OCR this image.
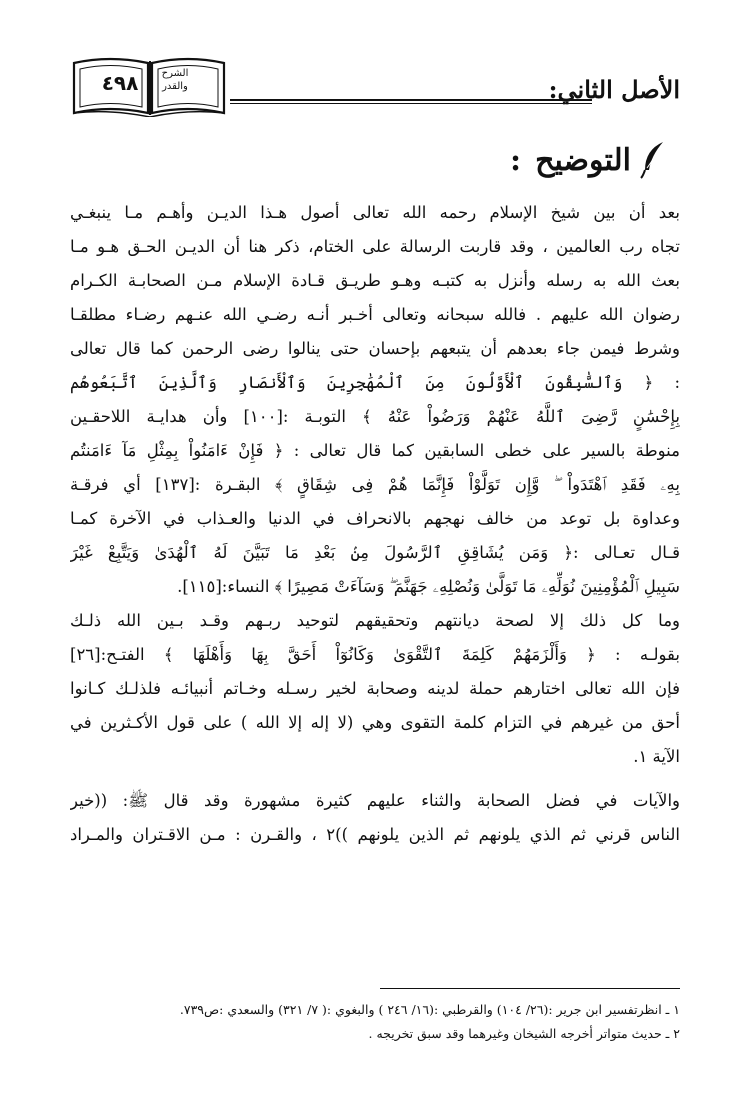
٤٩٨	الشرح
والقدر	الأصل الثاني:
التوضيح
:
بعد أن بين شيخ الإسلام رحمه الله تعالى أصول هـذا الديـن وأهـم مـا ينبغـي
تجاه رب العالمين ، وقد قاربت الرسالة على الختام، ذكر هنا أن الديـن الحـق هـو مـا
بعث الله به رسله وأنزل به كتبـه وهـو طريـق قـادة الإسلام مـن الصحابـة الكـرام
رضوان الله عليهم . فالله سبحانه وتعالى أخـبر أنـه رضـي الله عنـهم رضـاء مطلقـا
وشرط فيمن جاء بعدهم أن يتبعهم بإحسان حتى ينالوا رضى الرحمن كما قال تعالى
: ﴿ وَٱلسَّٰبِقُونَ ٱلْأَوَّلُونَ مِنَ ٱلْمُهَٰجِرِينَ وَٱلْأَنصَارِ وَٱلَّذِينَ ٱتَّبَعُوهُم
بِإِحْسَٰنٍ رَّضِىَ ٱللَّهُ عَنْهُمْ وَرَضُواْ عَنْهُ ﴾ التوبـة :[١٠٠] وأن هدايـة اللاحقـين
منوطة بالسير على خطى السابقين كما قال تعالى : ﴿ فَإِنْ ءَامَنُواْ بِمِثْلِ مَآ ءَامَنتُم
بِهِۦ فَقَدِ ٱهْتَدَواْ ۖ وَّإِن تَوَلَّوْاْ فَإِنَّمَا هُمْ فِى شِقَاقٍ ﴾ البقـرة :[١٣٧] أي فرقـة
وعداوة بل توعد من خالف نهجهم بالانحراف في الدنيا والعـذاب في الآخرة كمـا
قـال تعـالى :﴿ وَمَن يُشَاقِقِ ٱلرَّسُولَ مِنۢ بَعْدِ مَا تَبَيَّنَ لَهُ ٱلْهُدَىٰ وَيَتَّبِعْ غَيْرَ
سَبِيلِ ٱلْمُؤْمِنِينَ نُوَلِّهِۦ مَا تَوَلَّىٰ وَنُصْلِهِۦ جَهَنَّمَ ۖ وَسَآءَتْ مَصِيرًا ﴾ النساء:[١١٥].
وما كل ذلك إلا لصحة ديانتهم وتحقيقهم لتوحيد ربـهم وقـد بـين الله ذلـك
بقولـه : ﴿ وَأَلْزَمَهُمْ كَلِمَةَ ٱلتَّقْوَىٰ وَكَانُوٓاْ أَحَقَّ بِهَا وَأَهْلَهَا ﴾ الفتـح:[٢٦]
فإن الله تعالى اختارهم حملة لدينه وصحابة لخير رسـله وخـاتم أنبيائـه فلذلـك كـانوا
أحق من غيرهم في التزام كلمة التقوى وهي (لا إله إلا الله ) على قول الأكـثرين في
الآية ١.
والآيات في فضل الصحابة والثناء عليهم كثيرة مشهورة وقد قال ﷺ: ((خير
الناس قرني ثم الذي يلونهم ثم الذين يلونهم ))٢ ، والقـرن : مـن الاقـتران والمـراد
١ ـ انظرتفسير ابن جرير :(٢٦/ ١٠٤) والقرطبي :(١٦/ ٢٤٦ ) والبغوي :( ٧/ ٣٢١) والسعدي :ص٧٣٩.
٢ ـ حديث متواتر أخرجه الشيخان وغيرهما وقد سبق تخريجه .
